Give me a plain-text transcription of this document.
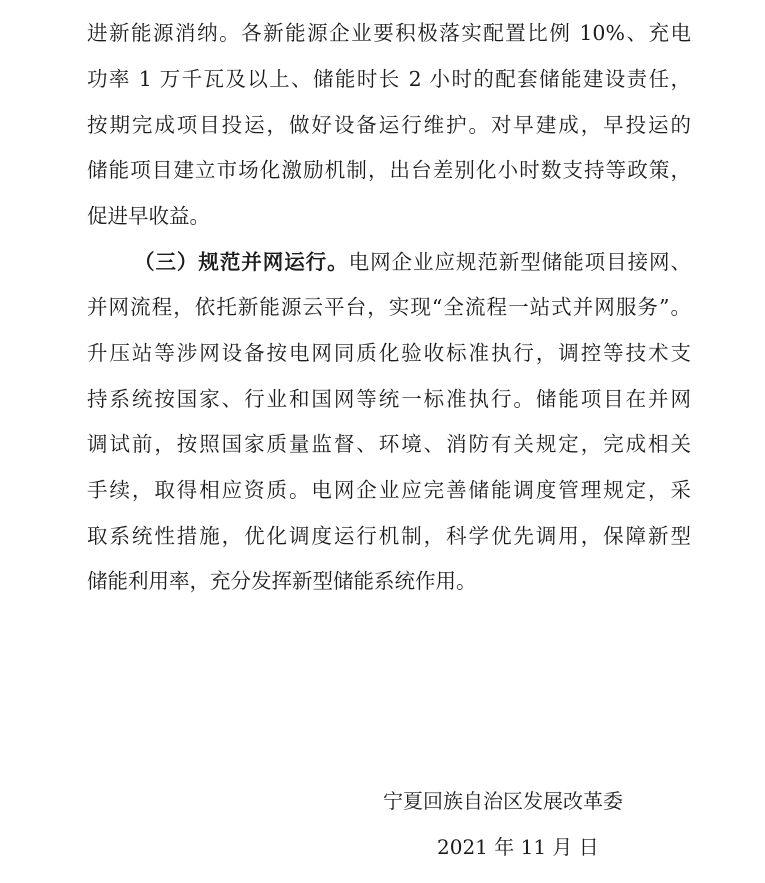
进新能源消纳。各新能源企业要积极落实配置比例 10%、充电
功率 1 万千瓦及以上、储能时长 2 小时的配套储能建设责任，
按期完成项目投运，做好设备运行维护。对早建成，早投运的
储能项目建立市场化激励机制，出台差别化小时数支持等政策，
促进早收益。
（三）规范并网运行。电网企业应规范新型储能项目接网、
并网流程，依托新能源云平台，实现“全流程一站式并网服务”。
升压站等涉网设备按电网同质化验收标准执行，调控等技术支
持系统按国家、行业和国网等统一标准执行。储能项目在并网
调试前，按照国家质量监督、环境、消防有关规定，完成相关
手续，取得相应资质。电网企业应完善储能调度管理规定，采
取系统性措施，优化调度运行机制，科学优先调用，保障新型
储能利用率，充分发挥新型储能系统作用。
宁夏回族自治区发展改革委
2021 年 11 月 日
